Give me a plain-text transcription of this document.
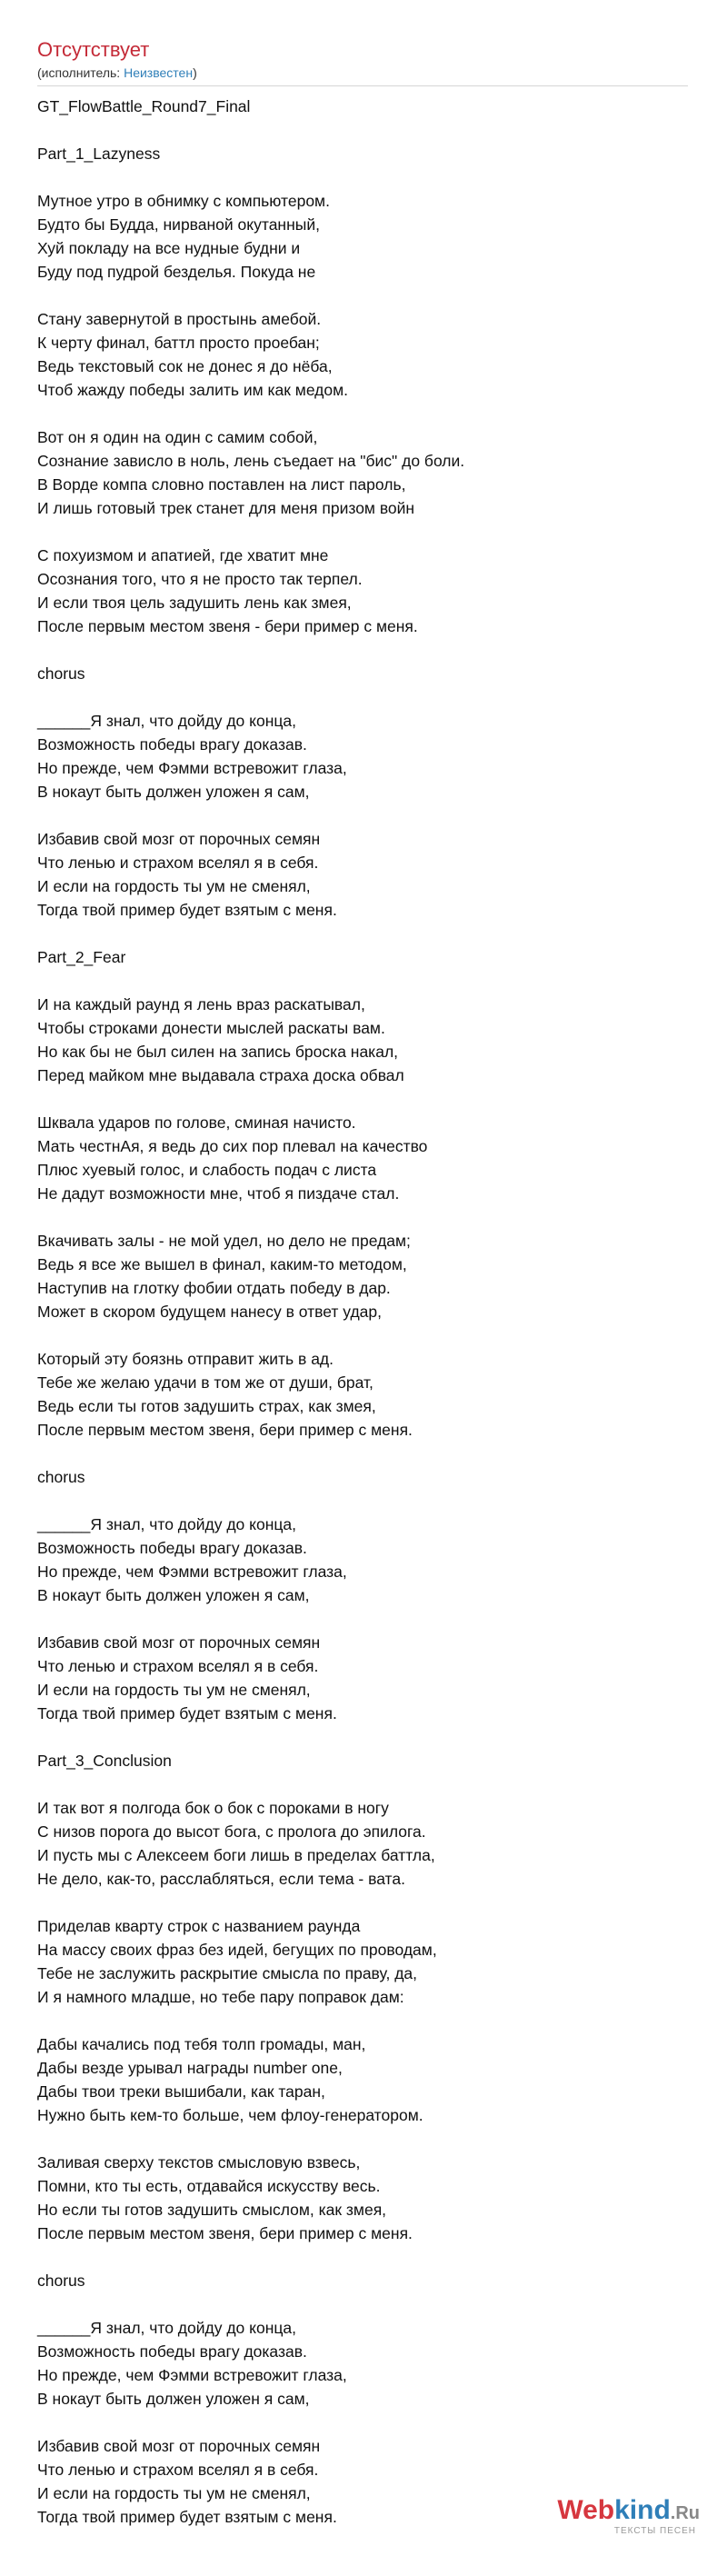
Отсутствует
(исполнитель: Неизвестен)
GT_FlowBattle_Round7_Final
Part_1_Lazyness
Мутное утро в обнимку с компьютером.
Будто бы Будда, нирваной окутанный,
Хуй покладу на все нудные будни и
Буду под пудрой безделья. Покуда не
Стану завернутой в простынь амебой.
К черту финал, баттл просто проебан;
Ведь текстовый сок не донес я до нёба,
Чтоб жажду победы залить им как медом.
Вот он я один на один с самим собой,
Сознание зависло в ноль, лень съедает на "бис" до боли.
В Ворде компа словно поставлен на лист пароль,
И лишь готовый трек станет для меня призом войн
С похуизмом и апатией, где хватит мне
Осознания того, что я не просто так терпел.
И если твоя цель задушить лень как змея,
После первым местом звеня - бери пример с меня.
chorus
______Я знал, что дойду до конца,
Возможность победы врагу доказав.
Но прежде, чем Фэмми встревожит глаза,
В нокаут быть должен уложен я сам,
Избавив свой мозг от порочных семян
Что ленью и страхом вселял я в себя.
И если на гордость ты ум не сменял,
Тогда твой пример будет взятым с меня.
Part_2_Fear
И на каждый раунд я лень враз раскатывал,
Чтобы строками донести мыслей раскаты вам.
Но как бы не был силен на запись броска накал,
Перед майком мне выдавала страха доска обвал
Шквала ударов по голове, сминая начисто.
Мать честнАя, я ведь до сих пор плевал на качество
Плюс хуевый голос, и слабость подач с листа
Не дадут возможности мне, чтоб я пиздаче стал.
Вкачивать залы - не мой удел, но дело не предам;
Ведь я все же вышел в финал, каким-то методом,
Наступив на глотку фобии отдать победу в дар.
Может в скором будущем нанесу в ответ удар,
Который эту боязнь отправит жить в ад.
Тебе же желаю удачи в том же от души, брат,
Ведь если ты готов задушить страх, как змея,
После первым местом звеня, бери пример с меня.
chorus
______Я знал, что дойду до конца,
Возможность победы врагу доказав.
Но прежде, чем Фэмми встревожит глаза,
В нокаут быть должен уложен я сам,
Избавив свой мозг от порочных семян
Что ленью и страхом вселял я в себя.
И если на гордость ты ум не сменял,
Тогда твой пример будет взятым с меня.
Part_3_Conclusion
И так вот я полгода бок о бок с пороками в ногу
С низов порога до высот бога, с пролога до эпилога.
И пусть мы с Алексеем боги лишь в пределах баттла,
Не дело, как-то, расслабляться, если тема - вата.
Приделав кварту строк с названием раунда
На массу своих фраз без идей, бегущих по проводам,
Тебе не заслужить раскрытие смысла по праву, да,
И я намного младше, но тебе пару поправок дам:
Дабы качались под тебя толп громады, ман,
Дабы везде урывал награды number one,
Дабы твои треки вышибали, как таран,
Нужно быть кем-то больше, чем флоу-генератором.
Заливая сверху текстов смысловую взвесь,
Помни, кто ты есть, отдавайся искусству весь.
Но если ты готов задушить смыслом, как змея,
После первым местом звеня, бери пример с меня.
chorus
______Я знал, что дойду до конца,
Возможность победы врагу доказав.
Но прежде, чем Фэмми встревожит глаза,
В нокаут быть должен уложен я сам,
Избавив свой мозг от порочных семян
Что ленью и страхом вселял я в себя.
И если на гордость ты ум не сменял,
Тогда твой пример будет взятым с меня.	Webkind.Ru
ТЕКСТЫ ПЕСЕН
